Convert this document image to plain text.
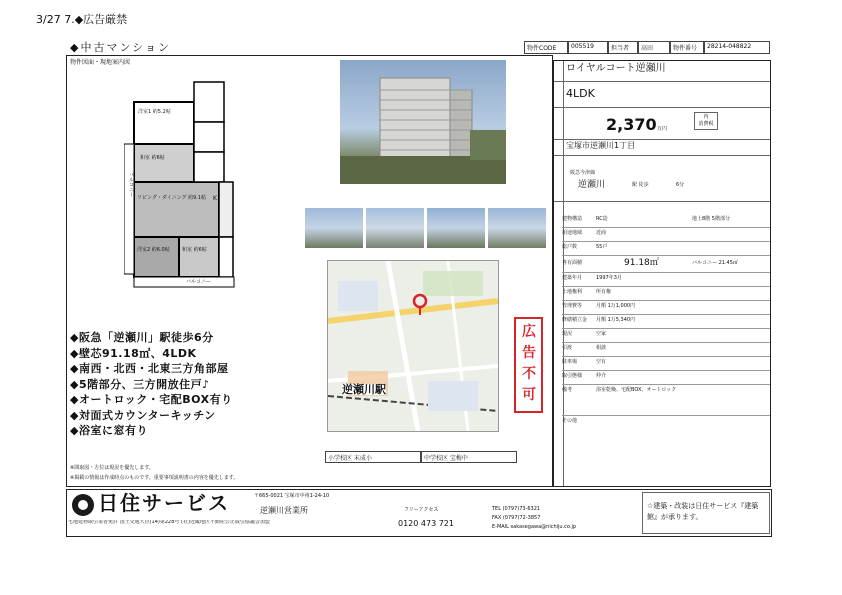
3/27 7.◆広告厳禁
◆中古マンション	物件CODE	005519	担当者	高田	物件番号	28214-048822
物件図面・現地案内図
洋室1 約5.2帖
和室 約6帖
リビング・ダイニング 約9.1帖
洋室2 約6.0帖 和室 約6帖
K
バルコニー
バルコニー
逆瀬川駅
広
告
不
可
小学校区 末成小	中学校区 宝梅中
◆阪急「逆瀬川」駅徒歩6分
◆壁芯91.18㎡、4LDK
◆南西・北西・北東三方角部屋
◆5階部分、三方開放住戸♪
◆オートロック・宅配BOX有り
◆対面式カウンターキッチン
◆浴室に窓有り
※間取図・方位は現況を優先します。
※掲載の情報は作成時点のものです。重要事項説明書の内容を優先します。
ロイヤルコート逆瀬川
4LDK
2,370 万円
内
消費税
宝塚市逆瀬川1丁目
阪急今津線
逆瀬川	駅 徒歩	6分
建物構造	RC造	地上8階 5階部分
用途地域	近商
総戸数	55戸
専有面積	91.18㎡	バルコニー 21.45㎡
建築年月	1997年3月
土地権利	所有権
管理費等	月額 1万1,000円
修繕積立金 月額 1万5,340円
現況	空家
引渡	相談
駐車場	空有
取引態様	仲介
備考	浴室乾燥、宅配BOX、オートロック
その他
日住サービス
宅地建物取引業者免許 国土交通大臣(14)第228号 (社)近畿地区不動産公正取引協議会加盟
〒665-0021 宝塚市中州1-24-10
逆瀬川営業所	フリーアクセス
0120 473 721
TEL (0797)73-6321
FAX (0797)72-3857
E-MAIL sakasegawa@nichiju.co.jp
☆建築・改装は日住サービス『建築館』が承ります。
